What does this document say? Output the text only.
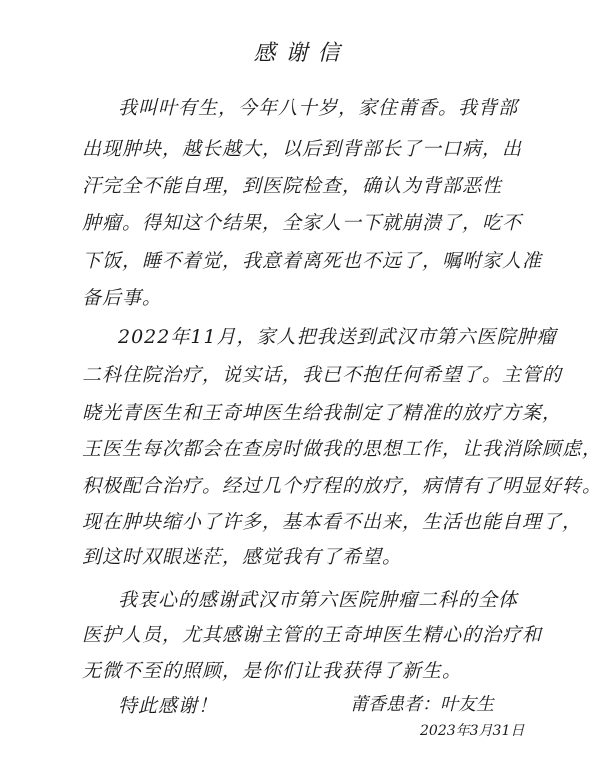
感谢信
我叫叶有生，今年八十岁，家住莆香。我背部
出现肿块，越长越大，以后到背部长了一口病，出
汗完全不能自理，到医院检查，确认为背部恶性
肿瘤。得知这个结果，全家人一下就崩溃了，吃不
下饭，睡不着觉，我意着离死也不远了，嘱咐家人准
备后事。
2022年11月，家人把我送到武汉市第六医院肿瘤
二科住院治疗，说实话，我已不抱任何希望了。主管的
晓光青医生和王奇坤医生给我制定了精准的放疗方案，
王医生每次都会在查房时做我的思想工作，让我消除顾虑，
积极配合治疗。经过几个疗程的放疗，病情有了明显好转。
现在肿块缩小了许多，基本看不出来，生活也能自理了，
到这时双眼迷茫，感觉我有了希望。
我衷心的感谢武汉市第六医院肿瘤二科的全体
医护人员，尤其感谢主管的王奇坤医生精心的治疗和
无微不至的照顾，是你们让我获得了新生。
特此感谢！	莆香患者：叶友生
2023年3月31日
